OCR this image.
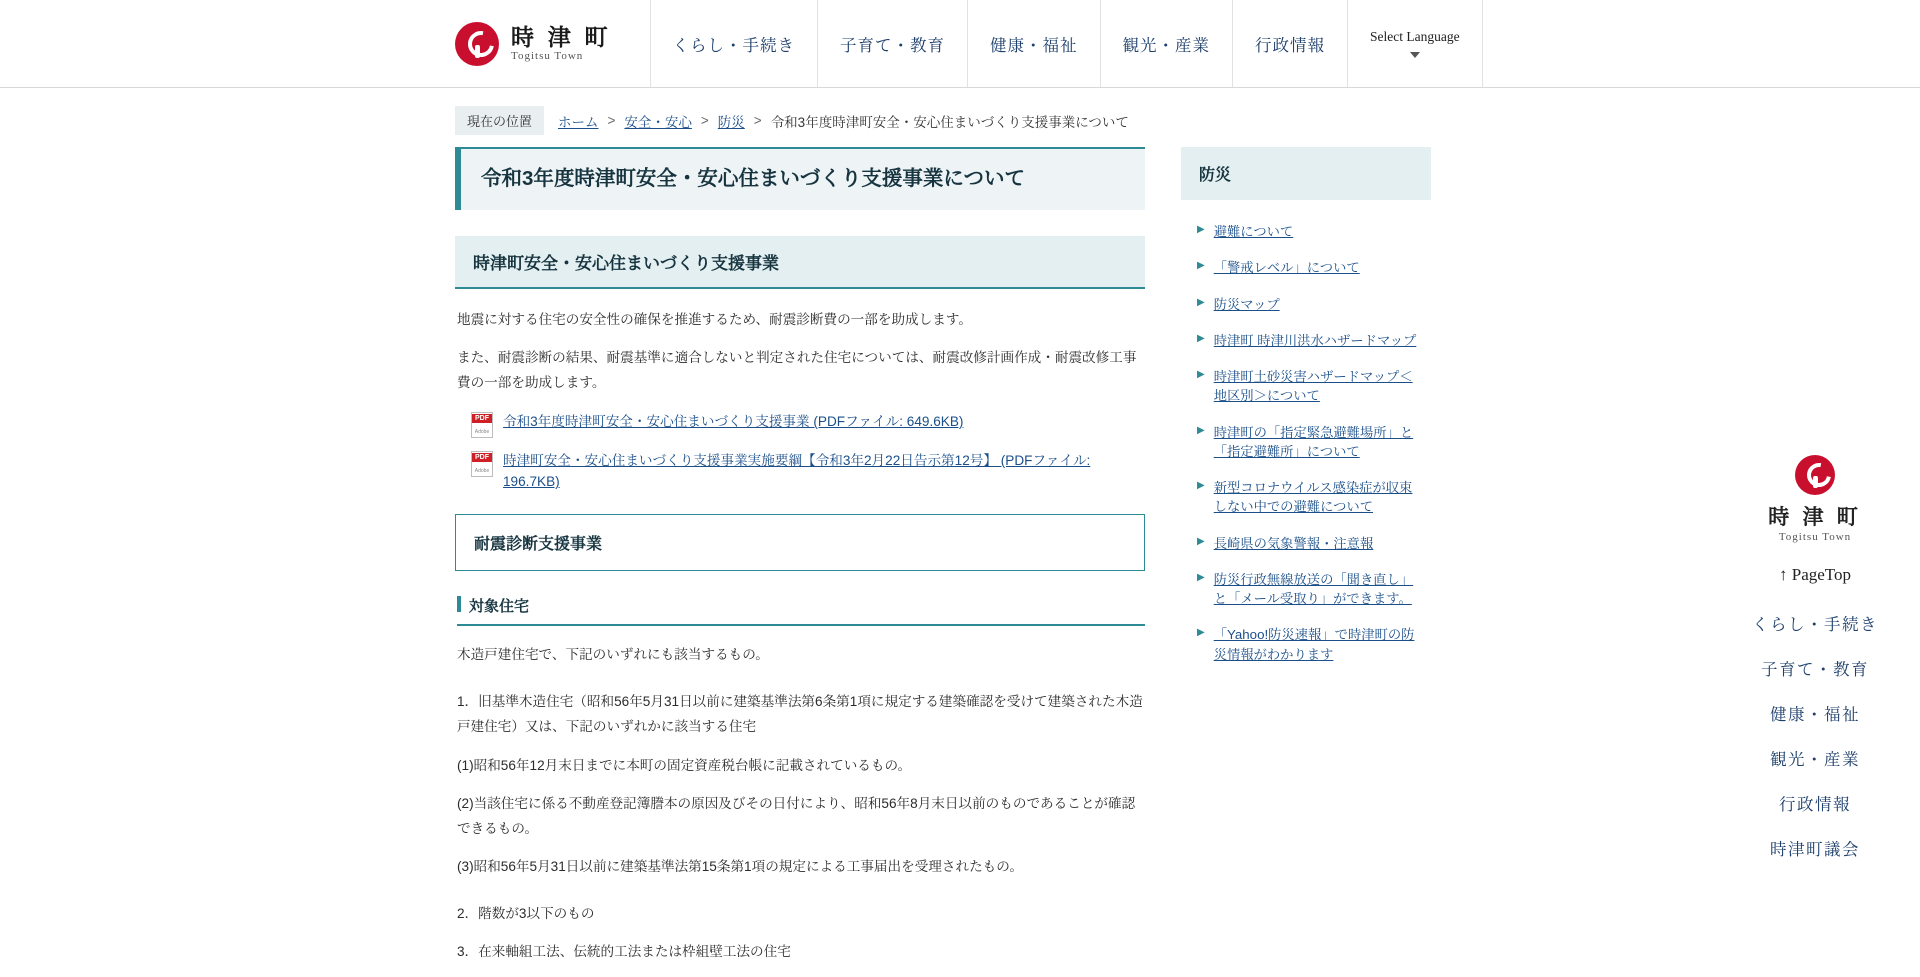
時 津 町
Togitsu Town
くらし・手続き	子育て・教育	健康・福祉	観光・産業	行政情報	Select Language
現在の位置	ホーム > 安全・安心 > 防災 > 令和3年度時津町安全・安心住まいづくり支援事業について
令和3年度時津町安全・安心住まいづくり支援事業について
時津町安全・安心住まいづくり支援事業

地震に対する住宅の安全性の確保を推進するため、耐震診断費の一部を助成します。

また、耐震診断の結果、耐震基準に適合しないと判定された住宅については、耐震改修計画作成・耐震改修工事費の一部を助成します。

PDF Adobe
令和3年度時津町安全・安心住まいづくり支援事業 (PDFファイル: 649.6KB)
PDF Adobe
時津町安全・安心住まいづくり支援事業実施要綱【令和3年2月22日告示第12号】 (PDFファイル: 196.7KB)
耐震診断支援事業
対象住宅

木造戸建住宅で、下記のいずれにも該当するもの。

1．旧基準木造住宅（昭和56年5月31日以前に建築基準法第6条第1項に規定する建築確認を受けて建築された木造戸建住宅）又は、下記のいずれかに該当する住宅

(1)昭和56年12月末日までに本町の固定資産税台帳に記載されているもの。

(2)当該住宅に係る不動産登記簿謄本の原因及びその日付により、昭和56年8月末日以前のものであることが確認できるもの。

(3)昭和56年5月31日以前に建築基準法第15条第1項の規定による工事届出を受理されたもの。

2．階数が3以下のもの

3．在来軸組工法、伝統的工法または枠組壁工法の住宅

防災
▶ 避難について
▶ 「警戒レベル」について
▶ 防災マップ
▶ 時津町 時津川洪水ハザードマップ
▶ 時津町土砂災害ハザードマップ＜地区別＞について
▶ 時津町の「指定緊急避難場所」と「指定避難所」について
▶ 新型コロナウイルス感染症が収束しない中での避難について
▶ 長崎県の気象警報・注意報
▶ 防災行政無線放送の「聞き直し」と「メール受取り」ができます。
▶ 「Yahoo!防災速報」で時津町の防災情報がわかります
時 津 町
Togitsu Town
↑ PageTop
くらし・手続き
子育て・教育
健康・福祉
観光・産業
行政情報
時津町議会
